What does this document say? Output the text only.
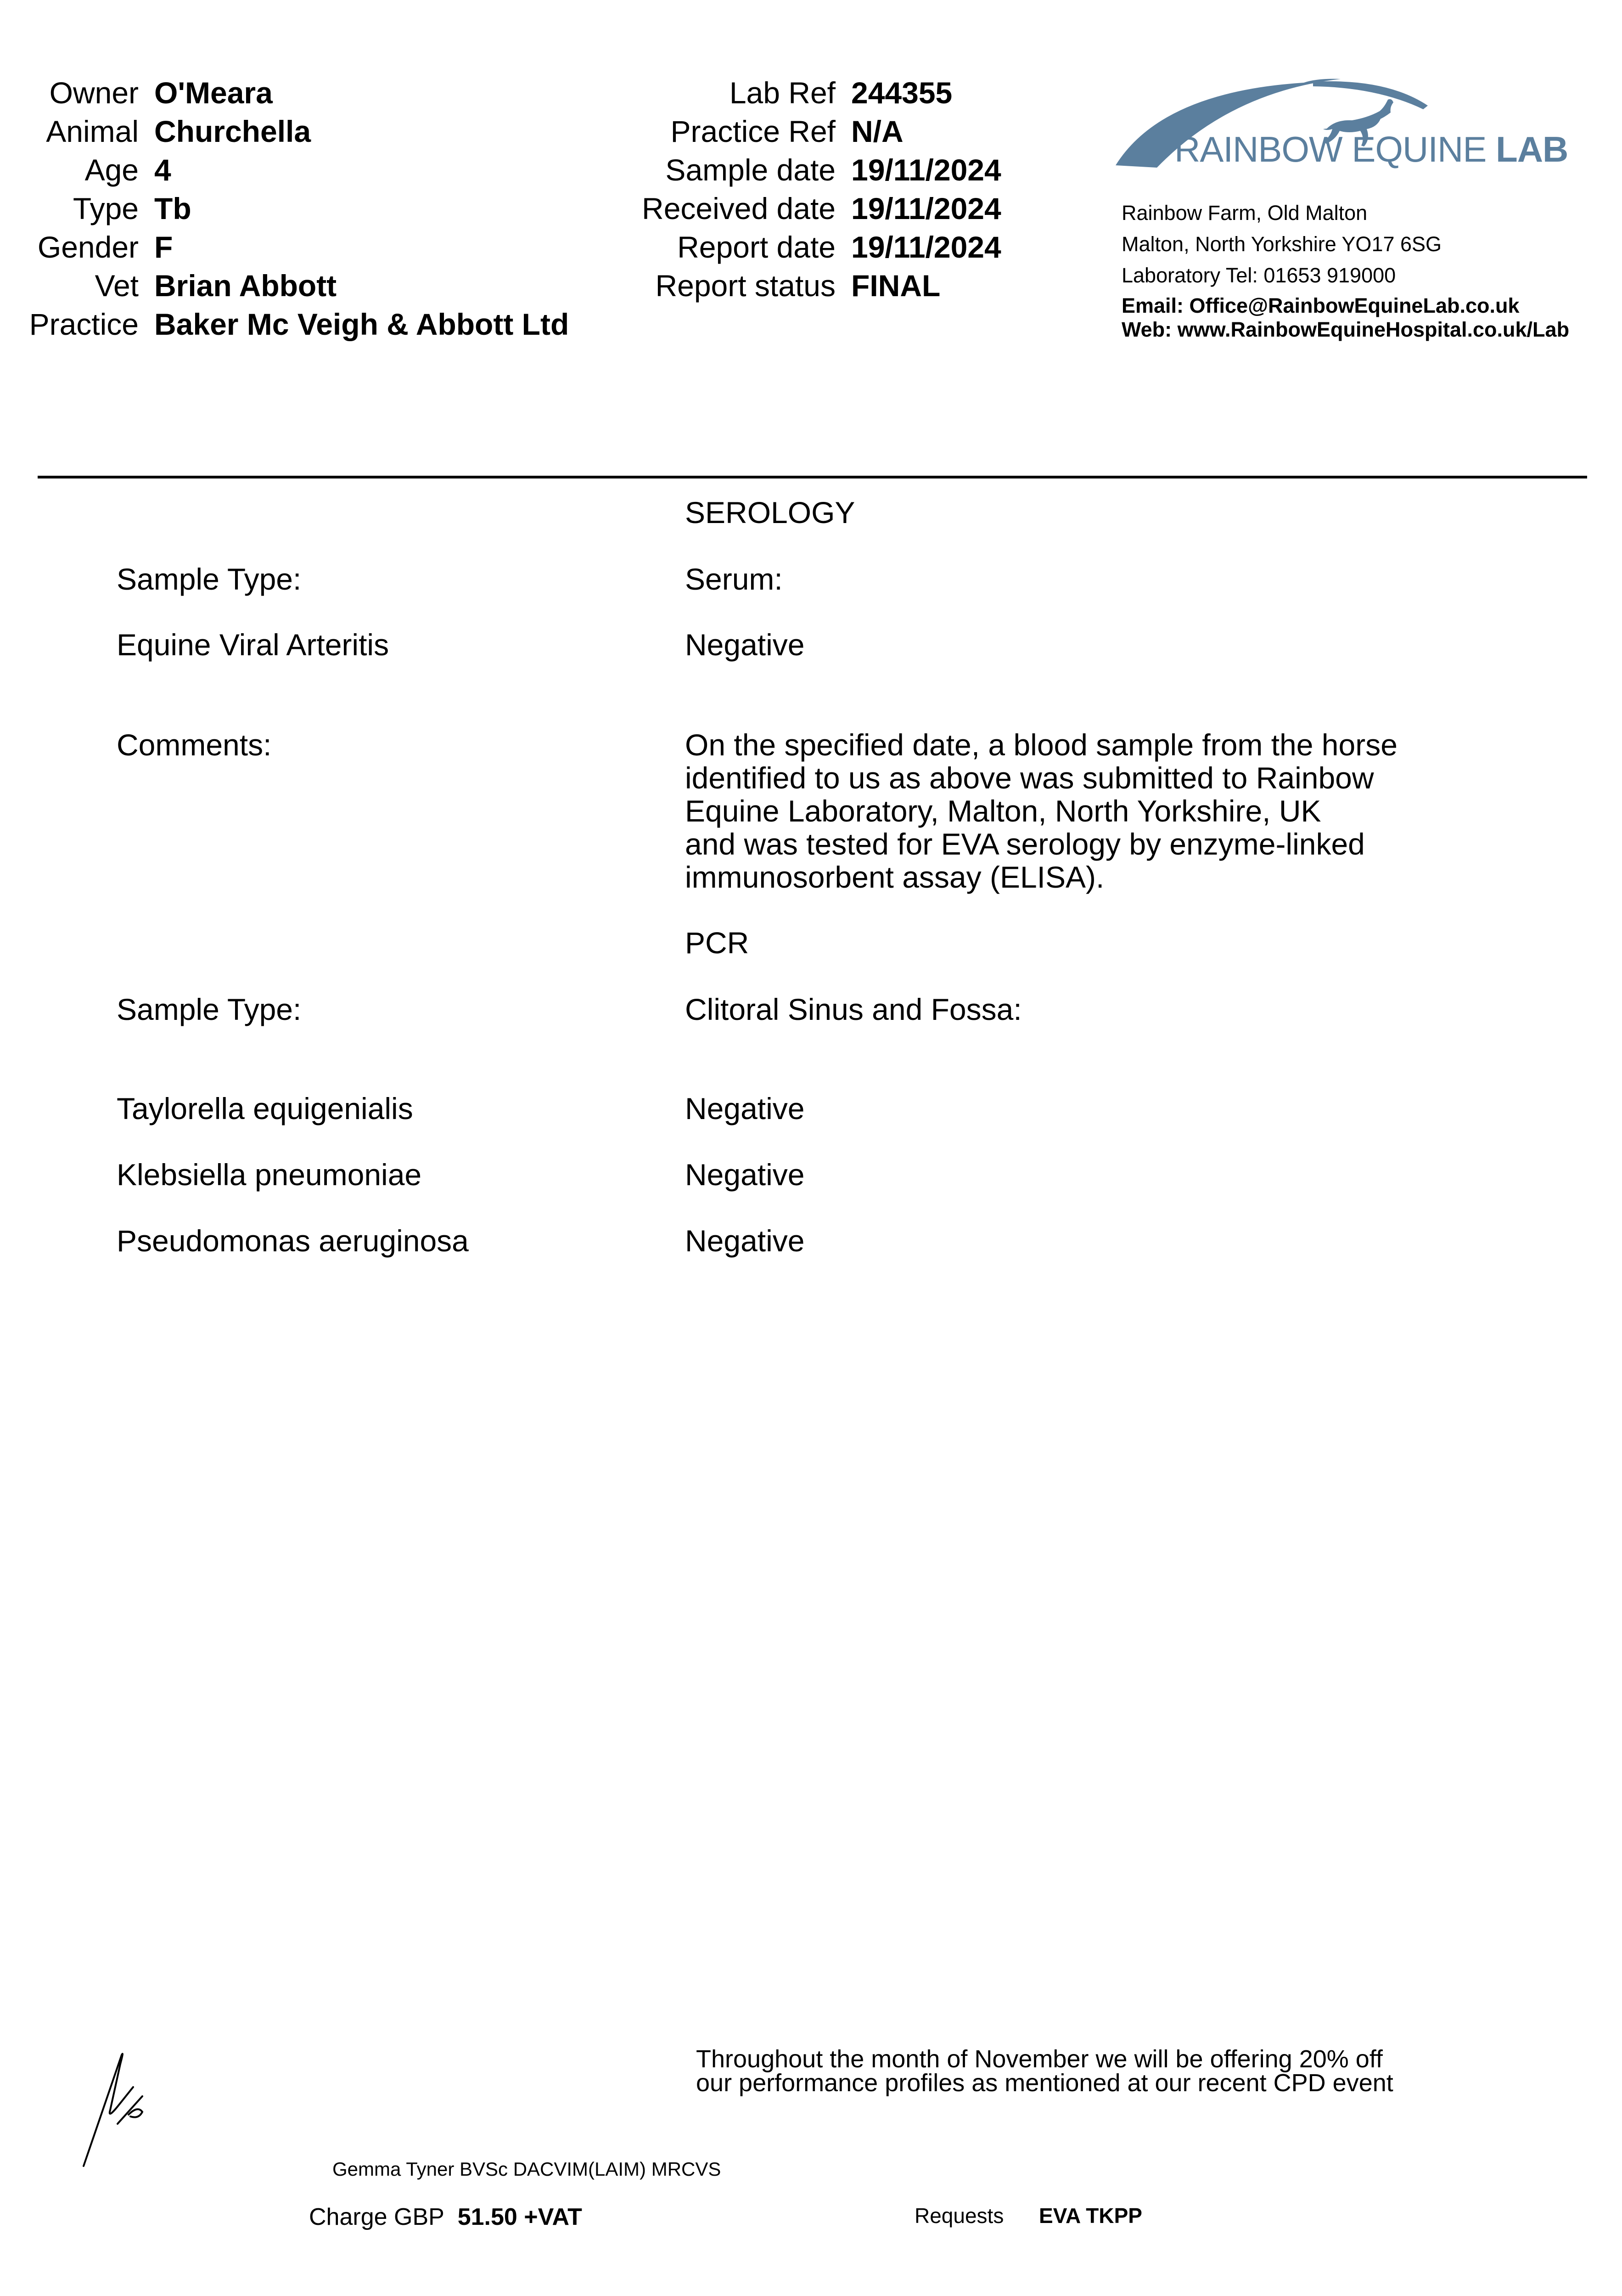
Owner O'Meara
Animal Churchella
Age 4
Type Tb
Gender F
Vet Brian Abbott
Practice Baker Mc Veigh & Abbott Ltd
Lab Ref 244355
Practice Ref N/A
Sample date 19/11/2024
Received date 19/11/2024
Report date 19/11/2024
Report status FINAL
RAINBOW EQUINE LAB
Rainbow Farm, Old Malton
Malton, North Yorkshire YO17 6SG
Laboratory Tel: 01653 919000
Email: Office@RainbowEquineLab.co.uk
Web: www.RainbowEquineHospital.co.uk/Lab
SEROLOGY
Sample Type:	Serum:
Equine Viral Arteritis	Negative
Comments:	On the specified date, a blood sample from the horse
identified to us as above was submitted to Rainbow
Equine Laboratory, Malton, North Yorkshire, UK
and was tested for EVA serology by enzyme-linked
immunosorbent assay (ELISA).
PCR
Sample Type:	Clitoral Sinus and Fossa:
Taylorella equigenialis	Negative
Klebsiella pneumoniae	Negative
Pseudomonas aeruginosa	Negative
Throughout the month of November we will be offering 20% off
our performance profiles as mentioned at our recent CPD event
Gemma Tyner BVSc DACVIM(LAIM) MRCVS
Charge GBP 51.50 +VAT	Requests EVA TKPP
